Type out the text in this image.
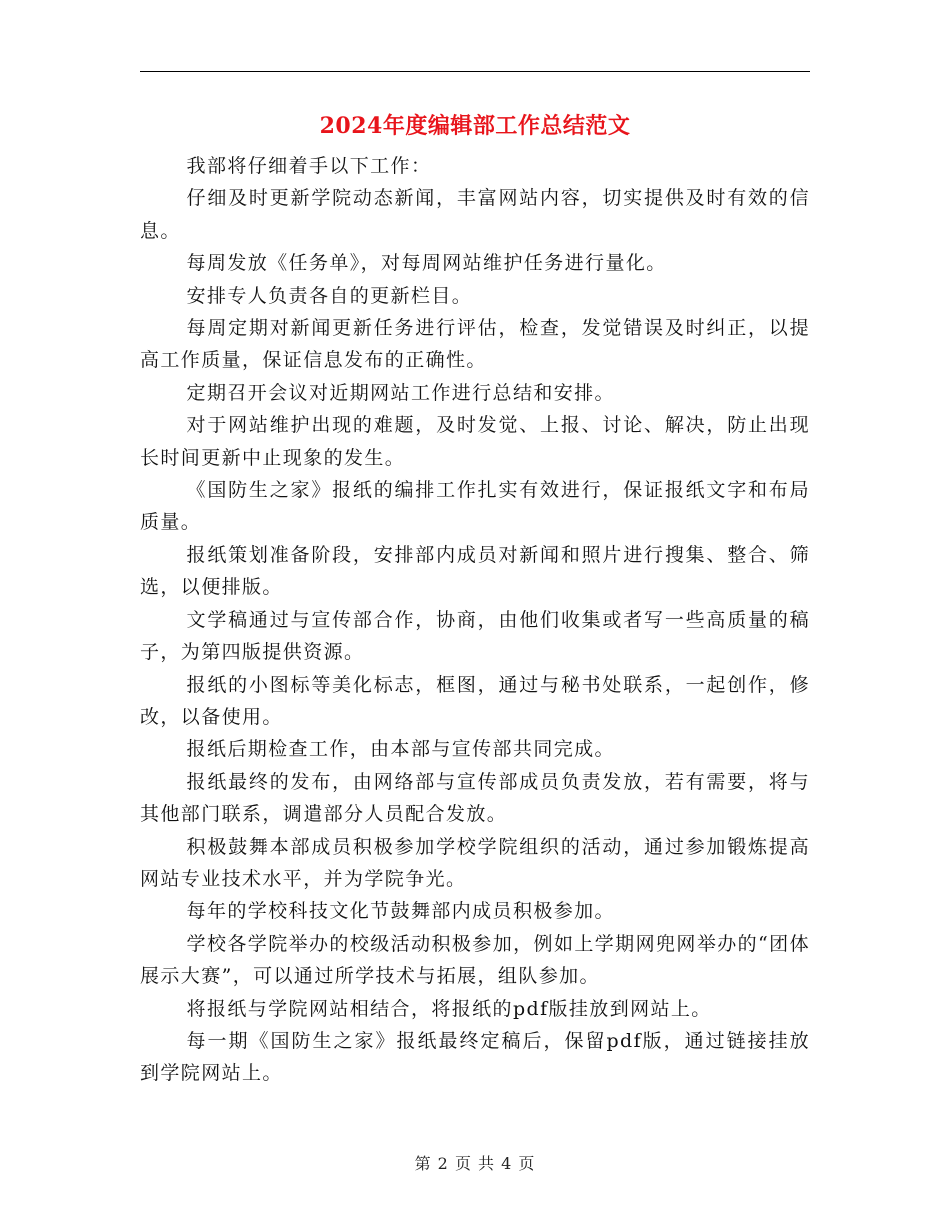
2024年度编辑部工作总结范文

我部将仔细着手以下工作：

仔细及时更新学院动态新闻，丰富网站内容，切实提供及时有效的信息。

每周发放《任务单》，对每周网站维护任务进行量化。

安排专人负责各自的更新栏目。

每周定期对新闻更新任务进行评估，检查，发觉错误及时纠正，以提高工作质量，保证信息发布的正确性。

定期召开会议对近期网站工作进行总结和安排。

对于网站维护出现的难题，及时发觉、上报、讨论、解决，防止出现长时间更新中止现象的发生。

《国防生之家》报纸的编排工作扎实有效进行，保证报纸文字和布局质量。

报纸策划准备阶段，安排部内成员对新闻和照片进行搜集、整合、筛选，以便排版。

文学稿通过与宣传部合作，协商，由他们收集或者写一些高质量的稿子，为第四版提供资源。

报纸的小图标等美化标志，框图，通过与秘书处联系，一起创作，修改，以备使用。

报纸后期检查工作，由本部与宣传部共同完成。

报纸最终的发布，由网络部与宣传部成员负责发放，若有需要，将与其他部门联系，调遣部分人员配合发放。

积极鼓舞本部成员积极参加学校学院组织的活动，通过参加锻炼提高网站专业技术水平，并为学院争光。

每年的学校科技文化节鼓舞部内成员积极参加。

学校各学院举办的校级活动积极参加，例如上学期网兜网举办的“团体展示大赛”，可以通过所学技术与拓展，组队参加。

将报纸与学院网站相结合，将报纸的pdf版挂放到网站上。

每一期《国防生之家》报纸最终定稿后，保留pdf版，通过链接挂放到学院网站上。

第 2 页 共 4 页
